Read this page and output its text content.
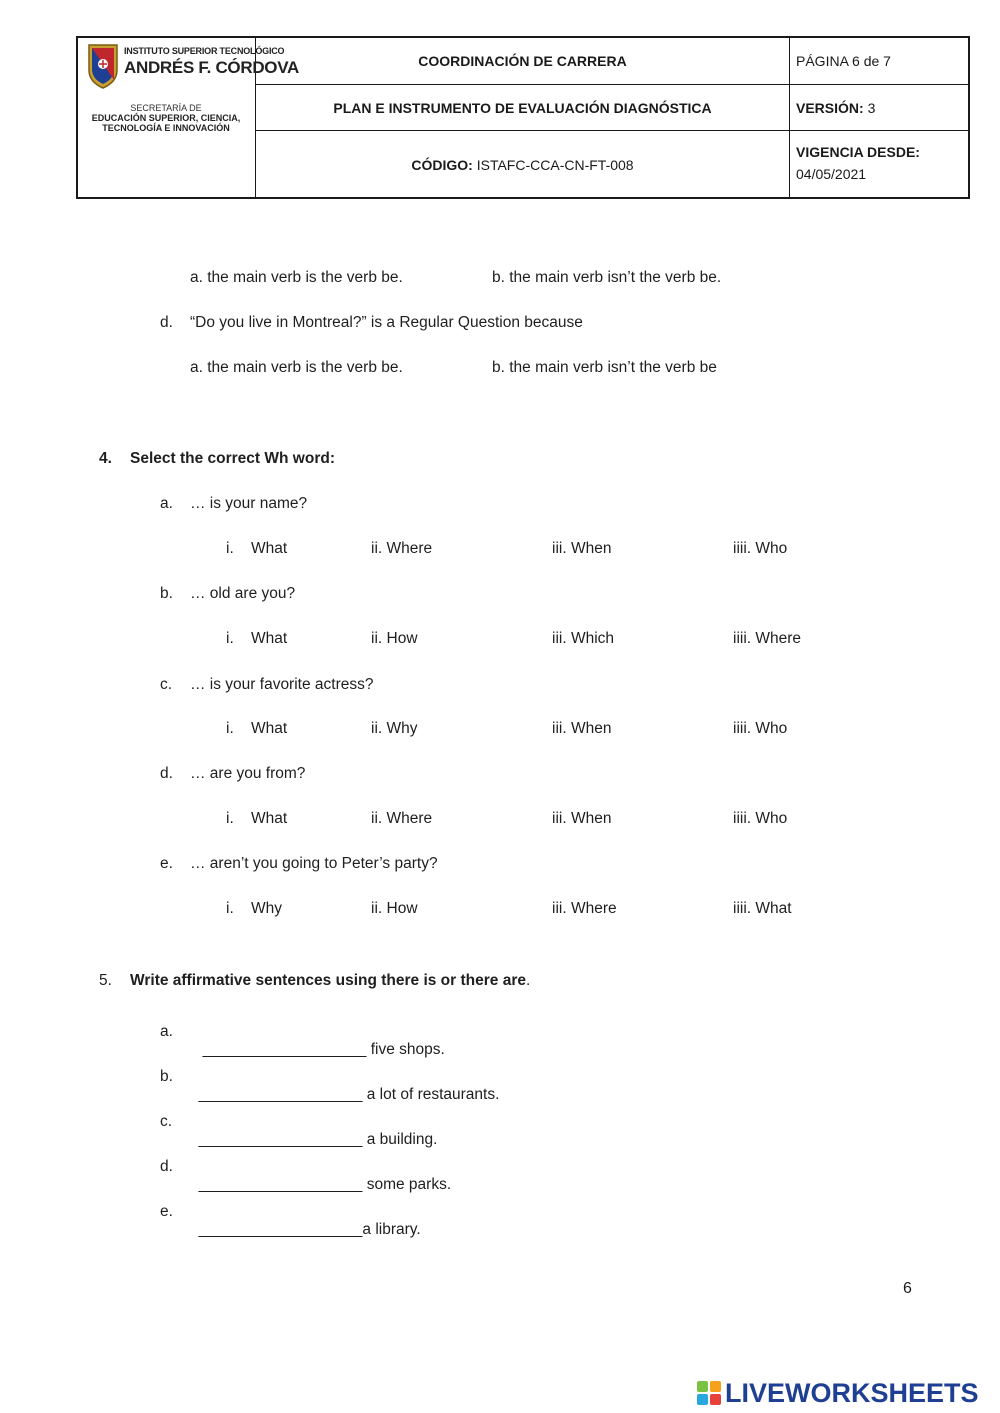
INSTITUTO SUPERIOR TECNOLÓGICO
ANDRÉS F. CÓRDOVA
SECRETARÍA DE
EDUCACIÓN SUPERIOR, CIENCIA,
TECNOLOGÍA E INNOVACIÓN
COORDINACIÓN DE CARRERA
PLAN E INSTRUMENTO DE EVALUACIÓN DIAGNÓSTICA
CÓDIGO: ISTAFC-CCA-CN-FT-008
PÁGINA 6 de 7
VERSIÓN: 3
VIGENCIA DESDE:
04/05/2021
a. the main verb is the verb be.	b. the main verb isn’t the verb be.
d. “Do you live in Montreal?” is a Regular Question because
a. the main verb is the verb be.	b. the main verb isn’t the verb be
4. Select the correct Wh word:
a. … is your name?
i. What	ii. Where	iii. When	iiii. Who
b. … old are you?
i. What	ii. How	iii. Which	iiii. Where
c. … is your favorite actress?
i. What	ii. Why	iii. When	iiii. Who
d. … are you from?
i. What	ii. Where	iii. When	iiii. Who
e. … aren’t you going to Peter’s party?
i. Why	ii. How	iii. Where	iiii. What
5. Write affirmative sentences using there is or there are.
a.

___________________ five shops.

b.

___________________ a lot of restaurants.

c.

___________________ a building.

d.

___________________ some parks.

e.

___________________a library.

6
LIVEWORKSHEETS
